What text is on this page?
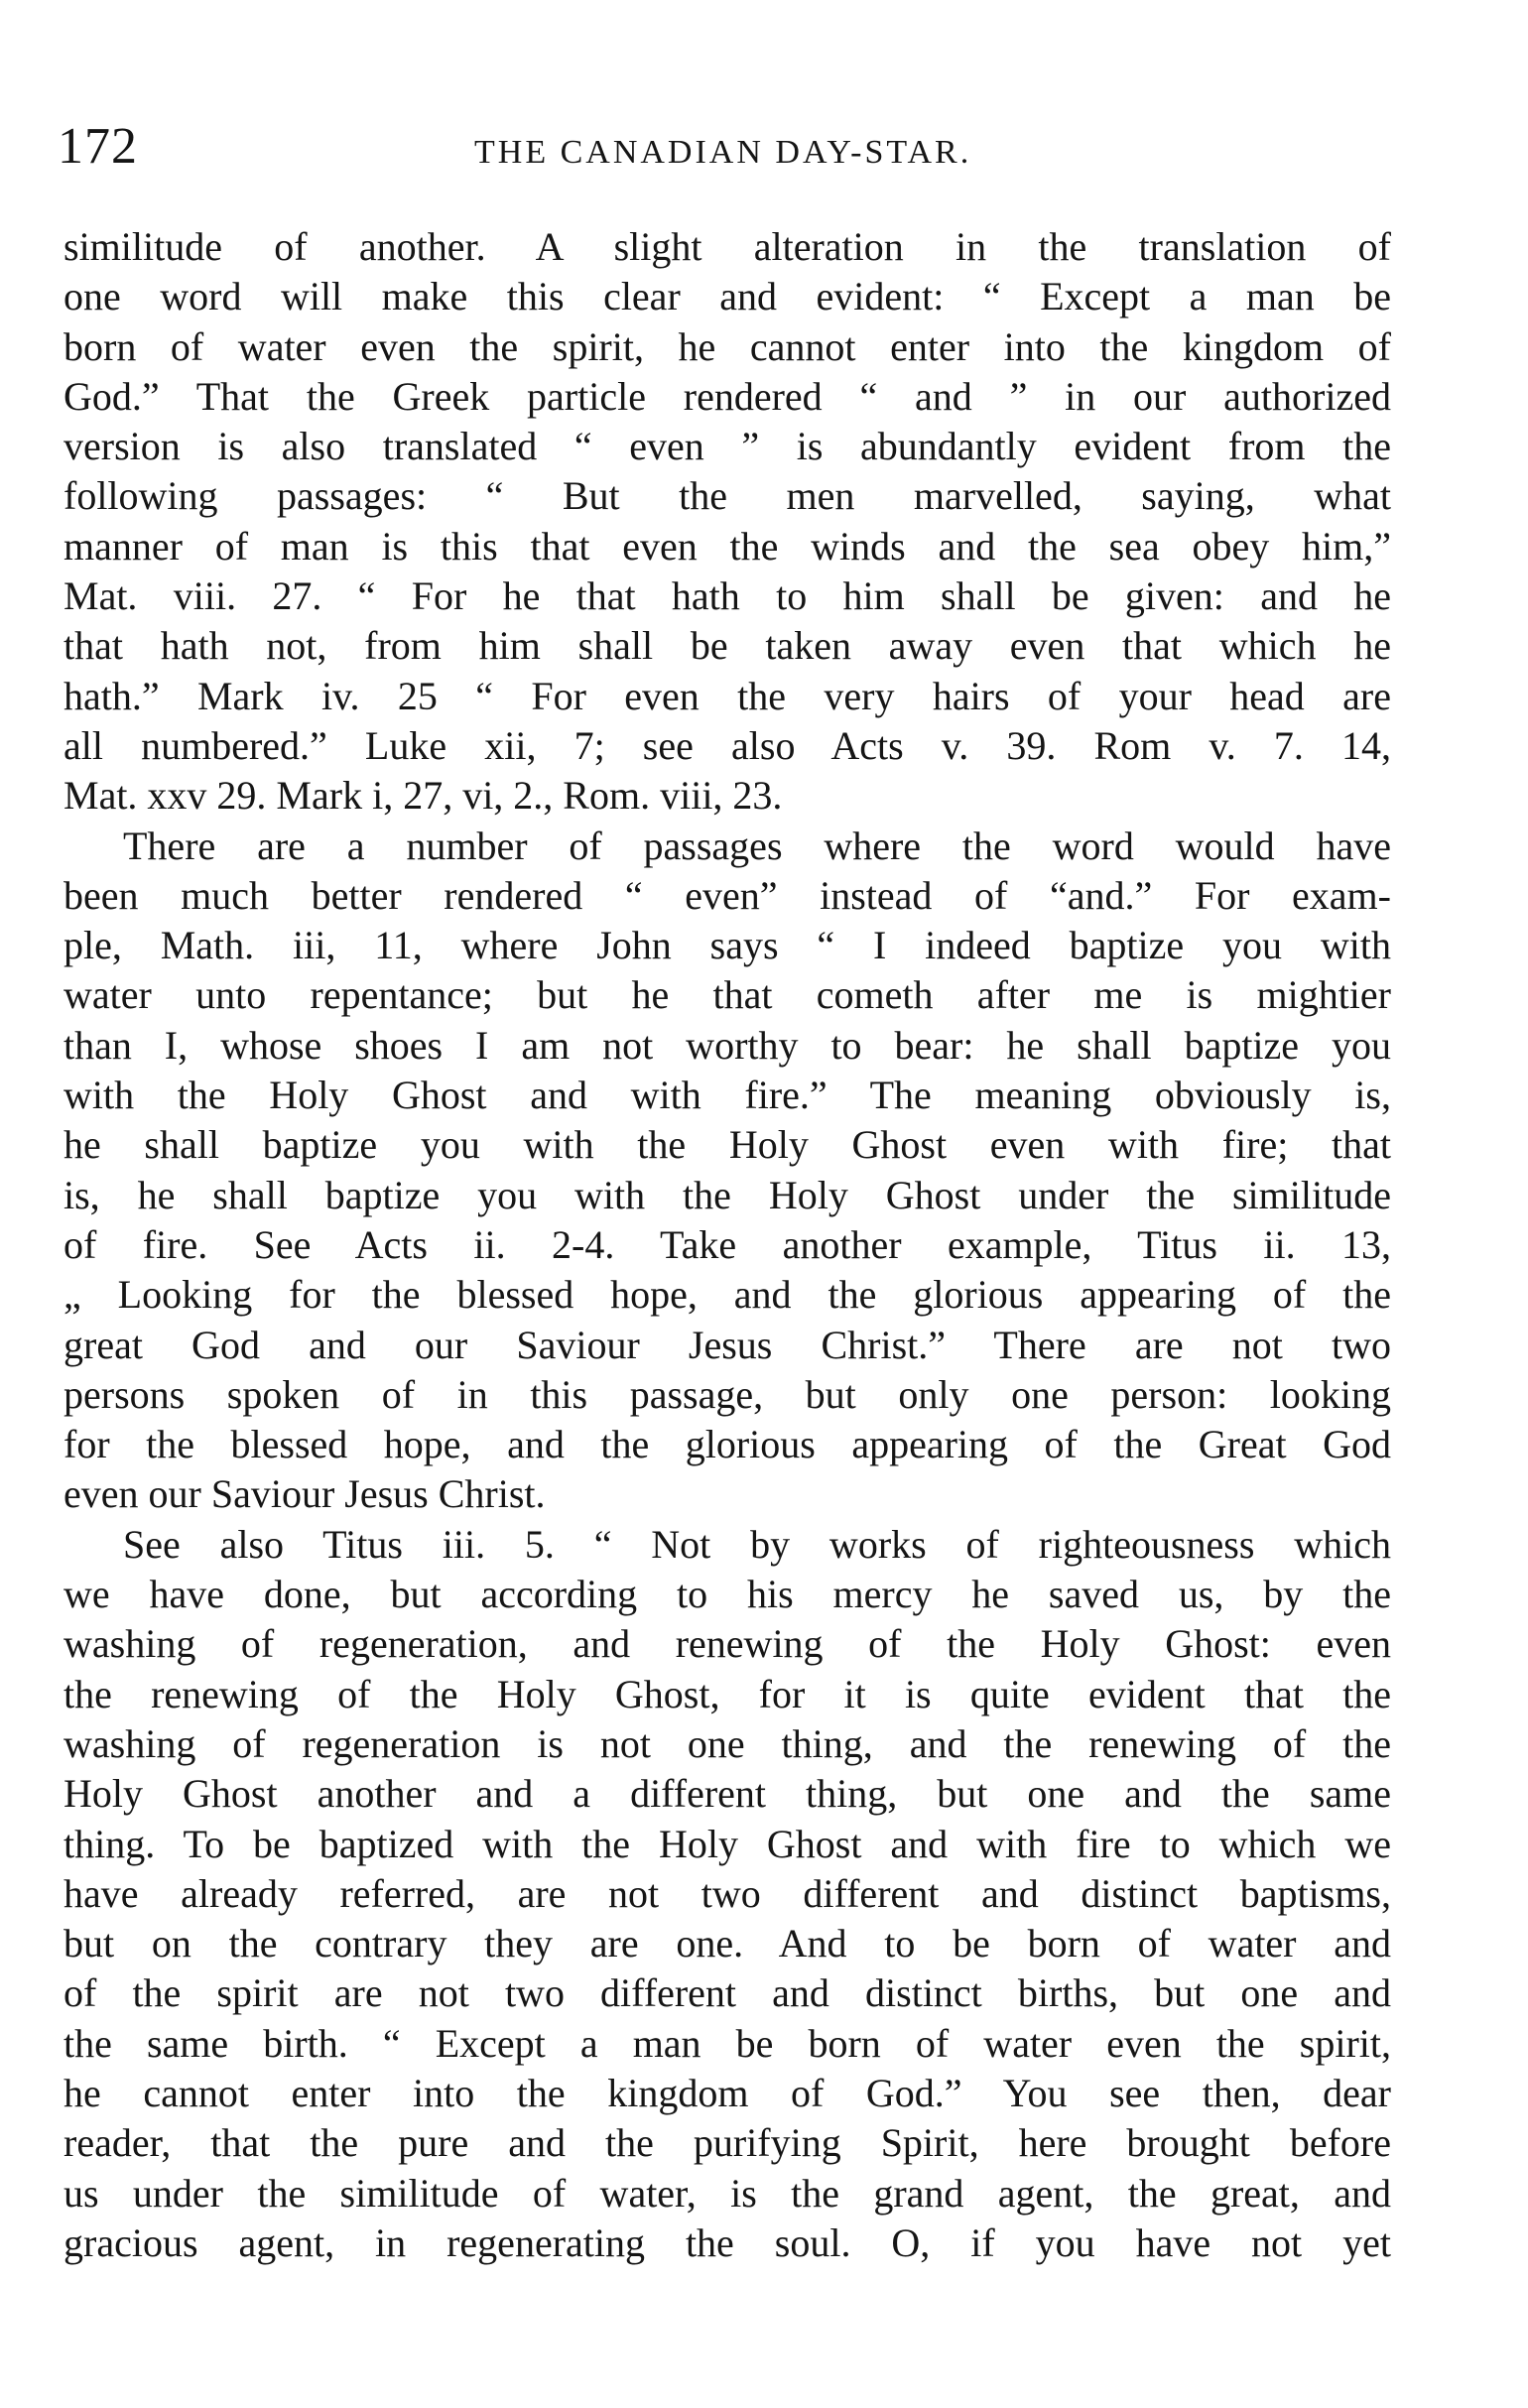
172	THE CANADIAN DAY-STAR.
similitude of another. A slight alteration in the translation of
one word will make this clear and evident: “ Except a man be
born of water even the spirit, he cannot enter into the kingdom of
God.” That the Greek particle rendered “ and ” in our authorized
version is also translated “ even ” is abundantly evident from the
following passages: “ But the men marvelled, saying, what
manner of man is this that even the winds and the sea obey him,”
Mat. viii. 27. “ For he that hath to him shall be given: and he
that hath not, from him shall be taken away even that which he
hath.” Mark iv. 25 “ For even the very hairs of your head are
all numbered.” Luke xii, 7; see also Acts v. 39. Rom v. 7. 14,
Mat. xxv 29. Mark i, 27, vi, 2., Rom. viii, 23.
There are a number of passages where the word would have
been much better rendered “ even” instead of “and.” For exam-
ple, Math. iii, 11, where John says “ I indeed baptize you with
water unto repentance; but he that cometh after me is mightier
than I, whose shoes I am not worthy to bear: he shall baptize you
with the Holy Ghost and with fire.” The meaning obviously is,
he shall baptize you with the Holy Ghost even with fire; that
is, he shall baptize you with the Holy Ghost under the similitude
of fire. See Acts ii. 2-4. Take another example, Titus ii. 13,
„ Looking for the blessed hope, and the glorious appearing of the
great God and our Saviour Jesus Christ.” There are not two
persons spoken of in this passage, but only one person: looking
for the blessed hope, and the glorious appearing of the Great God
even our Saviour Jesus Christ.
See also Titus iii. 5. “ Not by works of righteousness which
we have done, but according to his mercy he saved us, by the
washing of regeneration, and renewing of the Holy Ghost: even
the renewing of the Holy Ghost, for it is quite evident that the
washing of regeneration is not one thing, and the renewing of the
Holy Ghost another and a different thing, but one and the same
thing. To be baptized with the Holy Ghost and with fire to which we
have already referred, are not two different and distinct baptisms,
but on the contrary they are one. And to be born of water and
of the spirit are not two different and distinct births, but one and
the same birth. “ Except a man be born of water even the spirit,
he cannot enter into the kingdom of God.” You see then, dear
reader, that the pure and the purifying Spirit, here brought before
us under the similitude of water, is the grand agent, the great, and
gracious agent, in regenerating the soul. O, if you have not yet
